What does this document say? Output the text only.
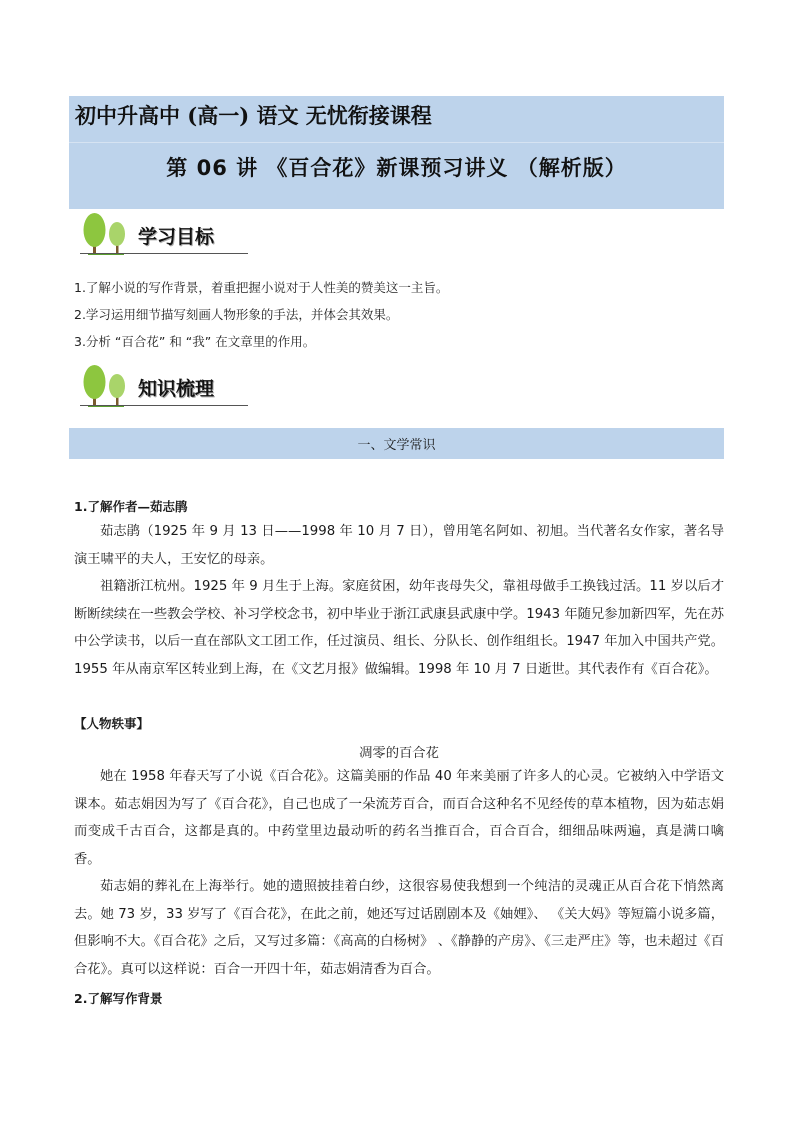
初中升高中 (高一) 语文 无忧衔接课程
第 06 讲 《百合花》新课预习讲义 （解析版）
学习目标
1.了解小说的写作背景，着重把握小说对于人性美的赞美这一主旨。
2.学习运用细节描写刻画人物形象的手法，并体会其效果。
3.分析 “百合花” 和 “我” 在文章里的作用。
知识梳理
一、文学常识
1.了解作者—茹志鹃

茹志鹃（1925 年 9 月 13 日——1998 年 10 月 7 日），曾用笔名阿如、初旭。当代著名女作家，著名导演王啸平的夫人，王安忆的母亲。

祖籍浙江杭州。1925 年 9 月生于上海。家庭贫困，幼年丧母失父，靠祖母做手工换钱过活。11 岁以后才断断续续在一些教会学校、补习学校念书，初中毕业于浙江武康县武康中学。1943 年随兄参加新四军，先在苏中公学读书，以后一直在部队文工团工作，任过演员、组长、分队长、创作组组长。1947 年加入中国共产党。1955 年从南京军区转业到上海，在《文艺月报》做编辑。1998 年 10 月 7 日逝世。其代表作有《百合花》。

【人物轶事】
凋零的百合花

她在 1958 年春天写了小说《百合花》。这篇美丽的作品 40 年来美丽了许多人的心灵。它被纳入中学语文课本。茹志娟因为写了《百合花》，自己也成了一朵流芳百合，而百合这种名不见经传的草本植物，因为茹志娟而变成千古百合，这都是真的。中药堂里边最动听的药名当推百合，百合百合，细细品味两遍，真是满口噙香。

茹志娟的葬礼在上海举行。她的遗照披挂着白纱，这很容易使我想到一个纯洁的灵魂正从百合花下悄然离去。她 73 岁，33 岁写了《百合花》，在此之前，她还写过话剧剧本及《妯娌》、 《关大妈》等短篇小说多篇，但影响不大。《百合花》之后，又写过多篇：《高高的白杨树》 、《静静的产房》、《三走严庄》等，也未超过《百合花》。真可以这样说：百合一开四十年，茹志娟清香为百合。

2.了解写作背景
